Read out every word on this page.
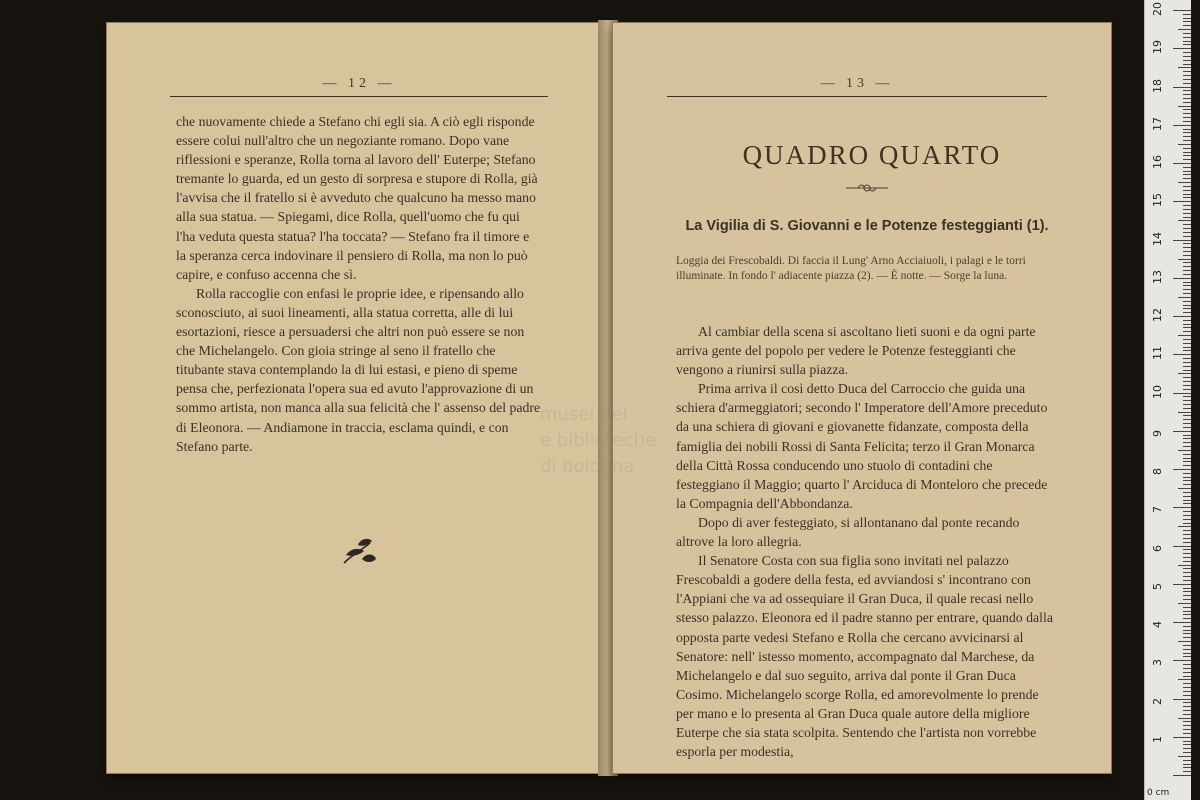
— 12 —

che nuovamente chiede a Stefano chi egli sia. A ciò egli risponde essere colui null'altro che un negoziante romano. Dopo vane riflessioni e speranze, Rolla torna al lavoro dell' Euterpe; Stefano tremante lo guarda, ed un gesto di sorpresa e stupore di Rolla, già l'avvisa che il fratello si è avveduto che qualcuno ha messo mano alla sua statua. — Spiegami, dice Rolla, quell'uomo che fu qui l'ha veduta questa statua? l'ha toccata? — Stefano fra il timore e la speranza cerca indovinare il pensiero di Rolla, ma non lo può capire, e confuso accenna che sì.

Rolla raccoglie con enfasi le proprie idee, e ripensando allo sconosciuto, ai suoi lineamenti, alla statua corretta, alle di lui esortazioni, riesce a persuadersi che altri non può essere se non che Michelangelo. Con gioia stringe al seno il fratello che titubante stava contemplando la di lui estasi, e pieno di speme pensa che, perfezionata l'opera sua ed avuto l'approvazione di un sommo artista, non manca alla sua felicità che l' assenso del padre di Eleonora. — Andiamone in traccia, esclama quindi, e con Stefano parte.

— 13 —
QUADRO QUARTO
La Vigilia di S. Giovanni e le Potenze festeggianti (1).
Loggia dei Frescobaldi. Di faccia il Lung' Arno Acciaiuoli, i palagi e le torri illuminate. In fondo l' adiacente piazza (2). — È notte. — Sorge la luna.

Al cambiar della scena si ascoltano lieti suoni e da ogni parte arriva gente del popolo per vedere le Potenze festeggianti che vengono a riunirsi sulla piazza.

Prima arriva il così detto Duca del Carroccio che guida una schiera d'armeggiatori; secondo l' Imperatore dell'Amore preceduto da una schiera di giovani e giovanette fidanzate, composta della famiglia dei nobili Rossi di Santa Felicita; terzo il Gran Monarca della Città Rossa conducendo uno stuolo di contadini che festeggiano il Maggio; quarto l' Arciduca di Monteloro che precede la Compagnia dell'Abbondanza.

Dopo di aver festeggiato, si allontanano dal ponte recando altrove la loro allegria.

Il Senatore Costa con sua figlia sono invitati nel palazzo Frescobaldi a godere della festa, ed avviandosi s' incontrano con l'Appiani che va ad ossequiare il Gran Duca, il quale recasi nello stesso palazzo. Eleonora ed il padre stanno per entrare, quando dalla opposta parte vedesi Stefano e Rolla che cercano avvicinarsi al Senatore: nell' istesso momento, accompagnato dal Marchese, da Michelangelo e dal suo seguito, arriva dal ponte il Gran Duca Cosimo. Michelangelo scorge Rolla, ed amorevolmente lo prende per mano e lo presenta al Gran Duca quale autore della migliore Euterpe che sia stata scolpita. Sentendo che l'artista non vorrebbe esporla per modestia,

musei nel
e biblioteche
di bologna
0 cm
1
2
3
4
5
6
7
8
9
10
11
12
13
14
15
16
17
18
19
20
